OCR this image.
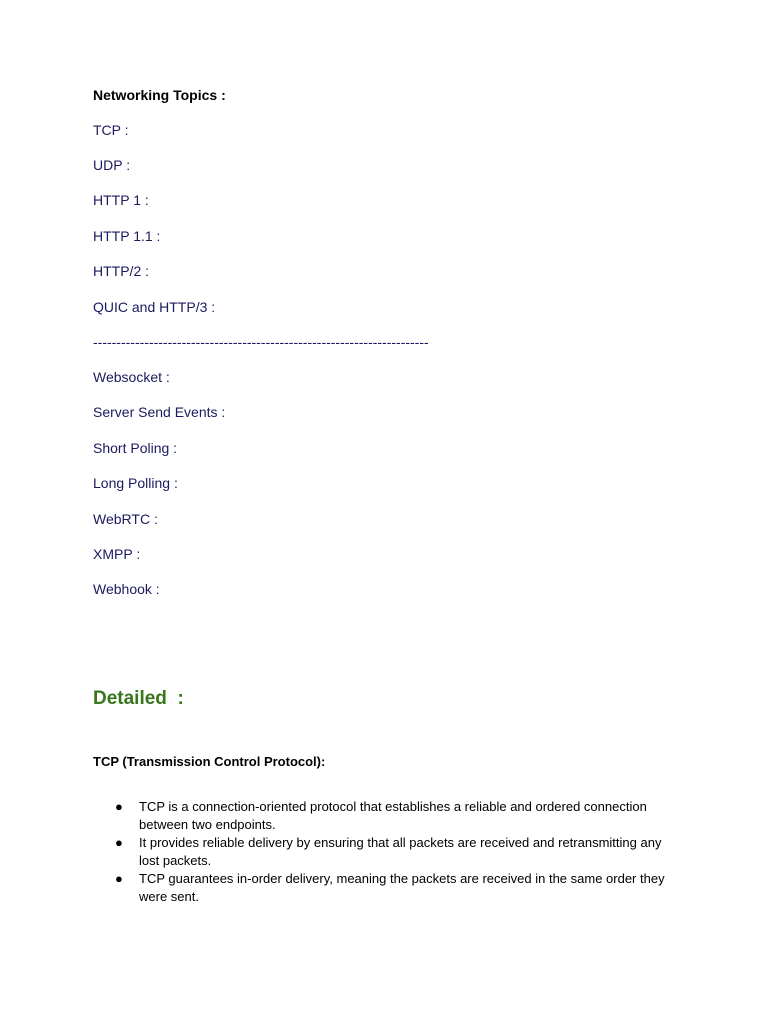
Networking Topics :
TCP :
UDP :
HTTP 1 :
HTTP 1.1 :
HTTP/2 :
QUIC and HTTP/3 :
------------------------------------------------------------------------
Websocket :
Server Send Events :
Short Poling :
Long Polling :
WebRTC :
XMPP :
Webhook :
Detailed  :
TCP (Transmission Control Protocol):
● TCP is a connection-oriented protocol that establishes a reliable and ordered connection between two endpoints.
● It provides reliable delivery by ensuring that all packets are received and retransmitting any lost packets.
● TCP guarantees in-order delivery, meaning the packets are received in the same order they were sent.
